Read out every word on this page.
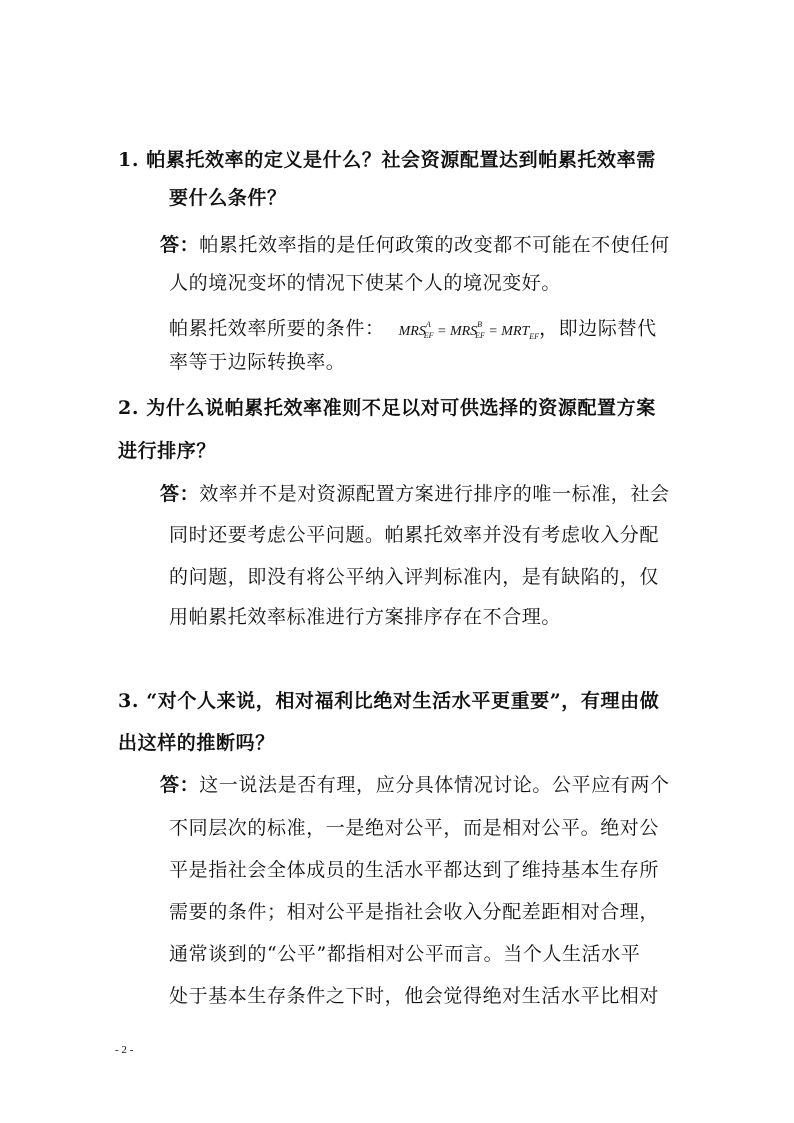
1. 帕累托效率的定义是什么？社会资源配置达到帕累托效率需
要什么条件？
答：帕累托效率指的是任何政策的改变都不可能在不使任何
人的境况变坏的情况下使某个人的境况变好。
帕累托效率所要的条件： $MRS^A_{EF} = MRS^B_{EF} = MRT_{EF}$，即边际替代
率等于边际转换率。
2. 为什么说帕累托效率准则不足以对可供选择的资源配置方案
进行排序？
答：效率并不是对资源配置方案进行排序的唯一标准，社会
同时还要考虑公平问题。帕累托效率并没有考虑收入分配
的问题，即没有将公平纳入评判标准内，是有缺陷的，仅
用帕累托效率标准进行方案排序存在不合理。
3. “对个人来说，相对福利比绝对生活水平更重要”，有理由做
出这样的推断吗？
答：这一说法是否有理，应分具体情况讨论。公平应有两个
不同层次的标准，一是绝对公平，而是相对公平。绝对公
平是指社会全体成员的生活水平都达到了维持基本生存所
需要的条件；相对公平是指社会收入分配差距相对合理，
通常谈到的“公平”都指相对公平而言。当个人生活水平
处于基本生存条件之下时，他会觉得绝对生活水平比相对
- 2 -
